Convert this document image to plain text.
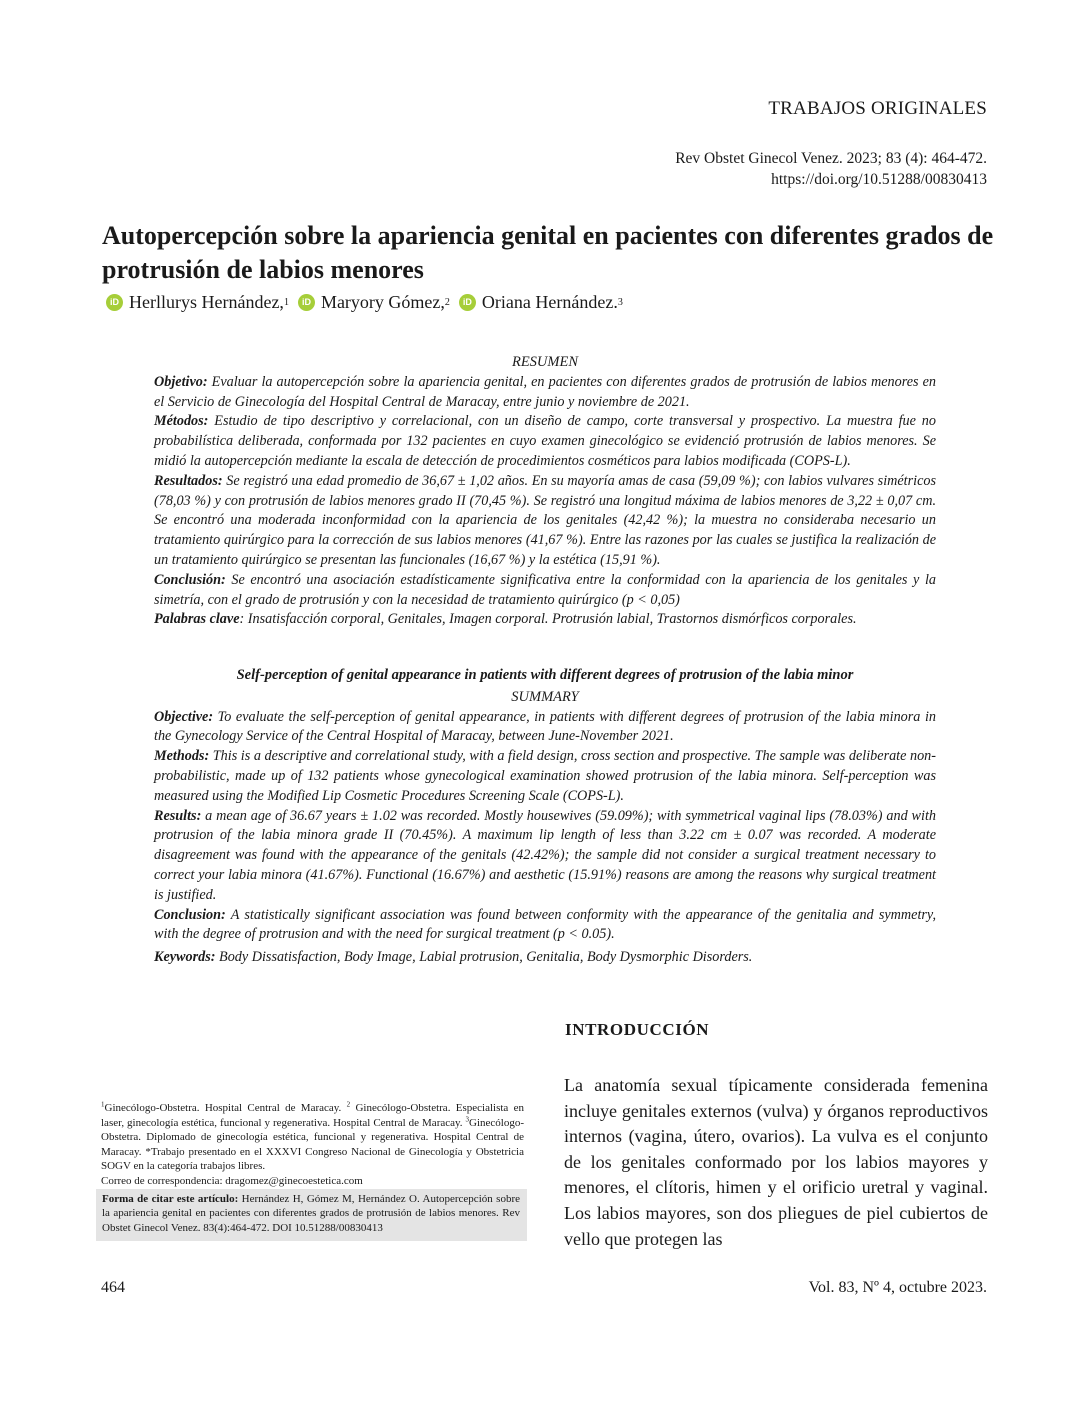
TRABAJOS ORIGINALES
Rev Obstet Ginecol Venez. 2023; 83 (4): 464-472.
https://doi.org/10.51288/00830413
Autopercepción sobre la apariencia genital en pacientes con diferentes grados de protrusión de labios menores
iD Herllurys Hernández, 1	iD Maryory Gómez, 2	iD Oriana Hernández. 3
RESUMEN

Objetivo: Evaluar la autopercepción sobre la apariencia genital, en pacientes con diferentes grados de protrusión de labios menores en el Servicio de Ginecología del Hospital Central de Maracay, entre junio y noviembre de 2021.

Métodos: Estudio de tipo descriptivo y correlacional, con un diseño de campo, corte transversal y prospectivo. La muestra fue no probabilística deliberada, conformada por 132 pacientes en cuyo examen ginecológico se evidenció protrusión de labios menores. Se midió la autopercepción mediante la escala de detección de procedimientos cosméticos para labios modificada (COPS-L).

Resultados: Se registró una edad promedio de 36,67 ± 1,02 años. En su mayoría amas de casa (59,09 %); con labios vulvares simétricos (78,03 %) y con protrusión de labios menores grado II (70,45 %). Se registró una longitud máxima de labios menores de 3,22 ± 0,07 cm. Se encontró una moderada inconformidad con la apariencia de los genitales (42,42 %); la muestra no consideraba necesario un tratamiento quirúrgico para la corrección de sus labios menores (41,67 %). Entre las razones por las cuales se justifica la realización de un tratamiento quirúrgico se presentan las funcionales (16,67 %) y la estética (15,91 %).

Conclusión: Se encontró una asociación estadísticamente significativa entre la conformidad con la apariencia de los genitales y la simetría, con el grado de protrusión y con la necesidad de tratamiento quirúrgico (p < 0,05)

Palabras clave: Insatisfacción corporal, Genitales, Imagen corporal. Protrusión labial, Trastornos dismórficos corporales.

Self-perception of genital appearance in patients with different degrees of protrusion of the labia minor
SUMMARY

Objective: To evaluate the self-perception of genital appearance, in patients with different degrees of protrusion of the labia minora in the Gynecology Service of the Central Hospital of Maracay, between June-November 2021.

Methods: This is a descriptive and correlational study, with a field design, cross section and prospective. The sample was deliberate non-probabilistic, made up of 132 patients whose gynecological examination showed protrusion of the labia minora. Self-perception was measured using the Modified Lip Cosmetic Procedures Screening Scale (COPS-L).

Results: a mean age of 36.67 years ± 1.02 was recorded. Mostly housewives (59.09%); with symmetrical vaginal lips (78.03%) and with protrusion of the labia minora grade II (70.45%). A maximum lip length of less than 3.22 cm ± 0.07 was recorded. A moderate disagreement was found with the appearance of the genitals (42.42%); the sample did not consider a surgical treatment necessary to correct your labia minora (41.67%). Functional (16.67%) and aesthetic (15.91%) reasons are among the reasons why surgical treatment is justified.

Conclusion: A statistically significant association was found between conformity with the appearance of the genitalia and symmetry, with the degree of protrusion and with the need for surgical treatment (p < 0.05).

Keywords: Body Dissatisfaction, Body Image, Labial protrusion, Genitalia, Body Dysmorphic Disorders.

INTRODUCCIÓN

La anatomía sexual típicamente considerada femenina incluye genitales externos (vulva) y órganos reproductivos internos (vagina, útero, ovarios). La vulva es el conjunto de los genitales conformado por los labios mayores y menores, el clítoris, himen y el orificio uretral y vaginal. Los labios mayores, son dos pliegues de piel cubiertos de vello que protegen las

$^1$Ginecólogo-Obstetra. Hospital Central de Maracay. $^2$ Ginecólogo-Obstetra. Especialista en laser, ginecología estética, funcional y regenerativa. Hospital Central de Maracay. $^3$Ginecólogo-Obstetra. Diplomado de ginecología estética, funcional y regenerativa. Hospital Central de Maracay. *Trabajo presentado en el XXXVI Congreso Nacional de Ginecología y Obstetricia SOGV en la categoría trabajos libres.

Correo de correspondencia: dragomez@ginecoestetica.com

Forma de citar este artículo: Hernández H, Gómez M, Hernández O. Autopercepción sobre la apariencia genital en pacientes con diferentes grados de protrusión de labios menores. Rev Obstet Ginecol Venez. 83(4):464-472. DOI 10.51288/00830413
464	Vol. 83, Nº 4, octubre 2023.
